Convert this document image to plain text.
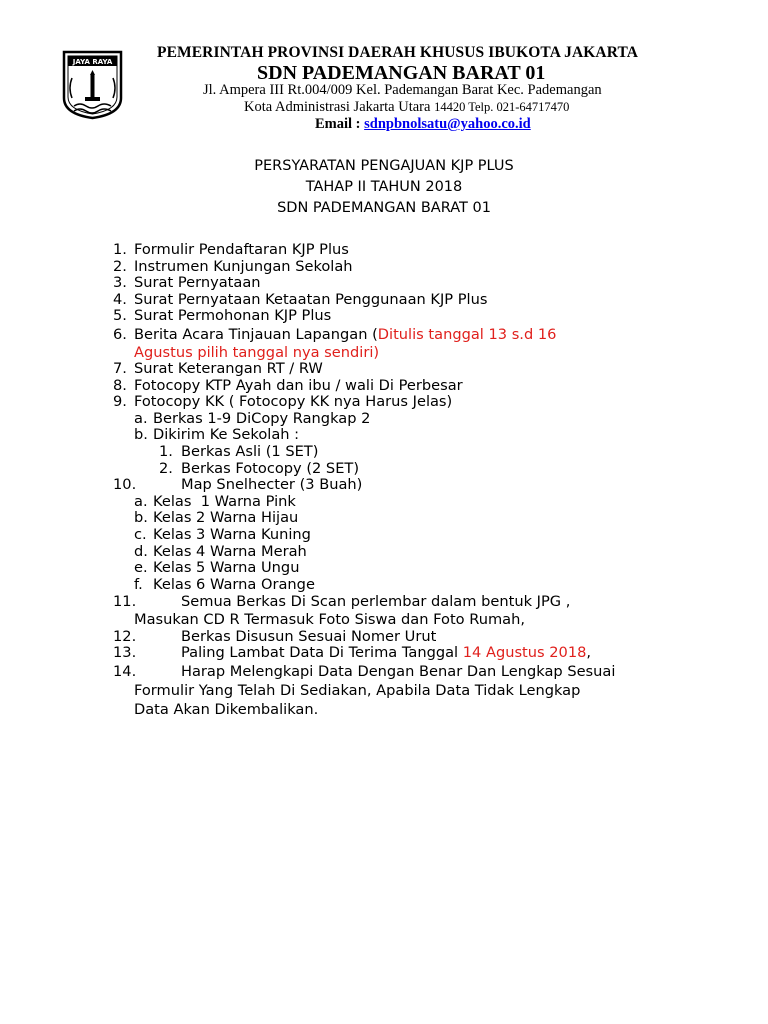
JAYA RAYA
PEMERINTAH PROVINSI DAERAH KHUSUS IBUKOTA JAKARTA
SDN PADEMANGAN BARAT 01
Jl. Ampera III Rt.004/009 Kel. Pademangan Barat Kec. Pademangan
Kota Administrasi Jakarta Utara 14420 Telp. 021-64717470
Email : sdnpbnolsatu@yahoo.co.id
PERSYARATAN PENGAJUAN KJP PLUS
TAHAP II TAHUN 2018
SDN PADEMANGAN BARAT 01
1. Formulir Pendaftaran KJP Plus
2. Instrumen Kunjungan Sekolah
3. Surat Pernyataan
4. Surat Pernyataan Ketaatan Penggunaan KJP Plus
5. Surat Permohonan KJP Plus
6. Berita Acara Tinjauan Lapangan (Ditulis tanggal 13 s.d 16
Agustus pilih tanggal nya sendiri)
7. Surat Keterangan RT / RW
8. Fotocopy KTP Ayah dan ibu / wali Di Perbesar
9. Fotocopy KK ( Fotocopy KK nya Harus Jelas)
a. Berkas 1-9 DiCopy Rangkap 2
b. Dikirim Ke Sekolah :
1. Berkas Asli (1 SET)
2. Berkas Fotocopy (2 SET)
10.	Map Snelhecter (3 Buah)
a. Kelas  1 Warna Pink
b. Kelas 2 Warna Hijau
c. Kelas 3 Warna Kuning
d. Kelas 4 Warna Merah
e. Kelas 5 Warna Ungu
f. Kelas 6 Warna Orange
11.	Semua Berkas Di Scan perlembar dalam bentuk JPG ,
Masukan CD R Termasuk Foto Siswa dan Foto Rumah,
12.	Berkas Disusun Sesuai Nomer Urut
13.	Paling Lambat Data Di Terima Tanggal 14 Agustus 2018,
14.	Harap Melengkapi Data Dengan Benar Dan Lengkap Sesuai
Formulir Yang Telah Di Sediakan, Apabila Data Tidak Lengkap
Data Akan Dikembalikan.
